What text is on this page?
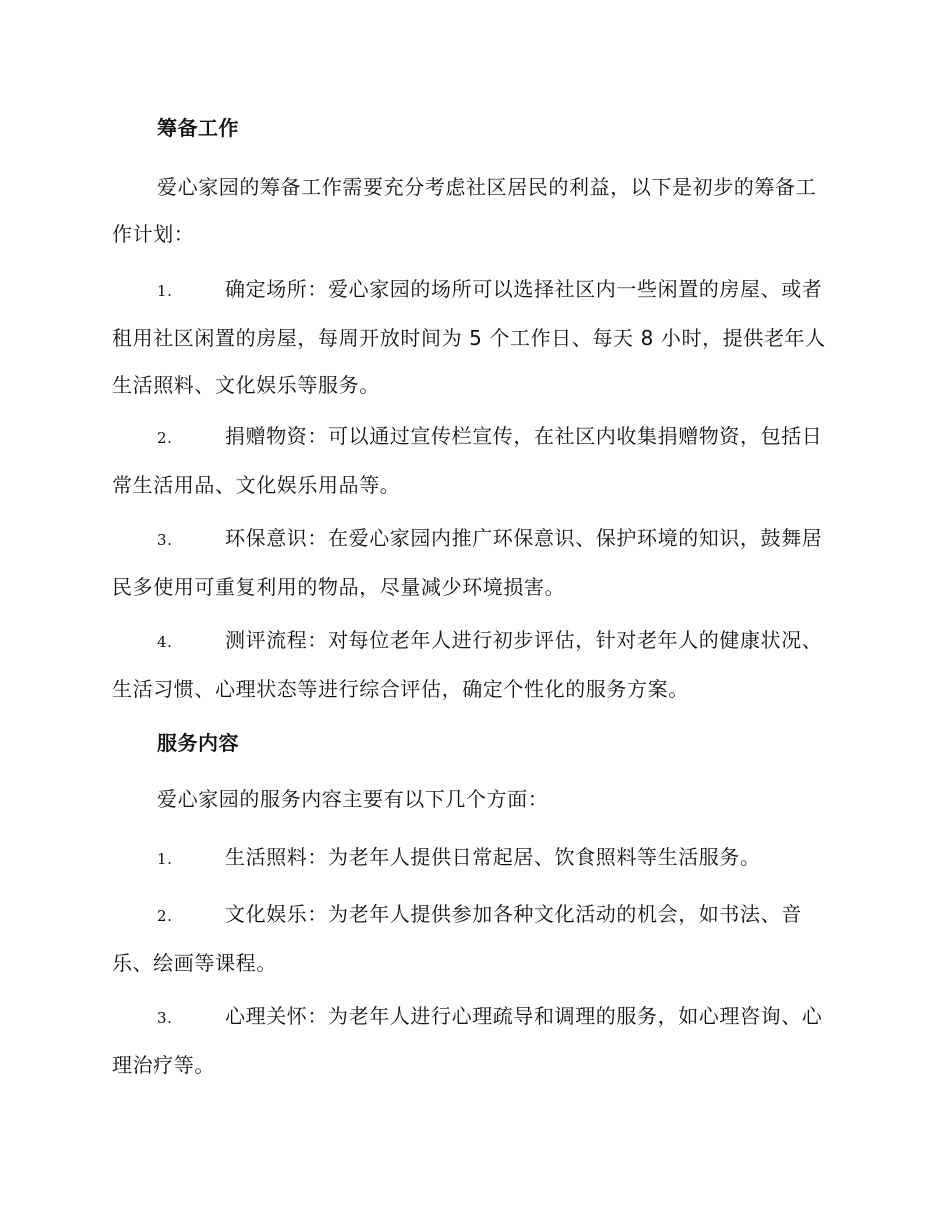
筹备工作
爱心家园的筹备工作需要充分考虑社区居民的利益，以下是初步的筹备工作计划：
1.	确定场所：爱心家园的场所可以选择社区内一些闲置的房屋、或者租用社区闲置的房屋，每周开放时间为 5 个工作日、每天 8 小时，提供老年人生活照料、文化娱乐等服务。
2.	捐赠物资：可以通过宣传栏宣传，在社区内收集捐赠物资，包括日常生活用品、文化娱乐用品等。
3.	环保意识：在爱心家园内推广环保意识、保护环境的知识，鼓舞居民多使用可重复利用的物品，尽量减少环境损害。
4.	测评流程：对每位老年人进行初步评估，针对老年人的健康状况、生活习惯、心理状态等进行综合评估，确定个性化的服务方案。
服务内容
爱心家园的服务内容主要有以下几个方面：
1.	生活照料：为老年人提供日常起居、饮食照料等生活服务。
2.	文化娱乐：为老年人提供参加各种文化活动的机会，如书法、音乐、绘画等课程。
3.	心理关怀：为老年人进行心理疏导和调理的服务，如心理咨询、心理治疗等。
